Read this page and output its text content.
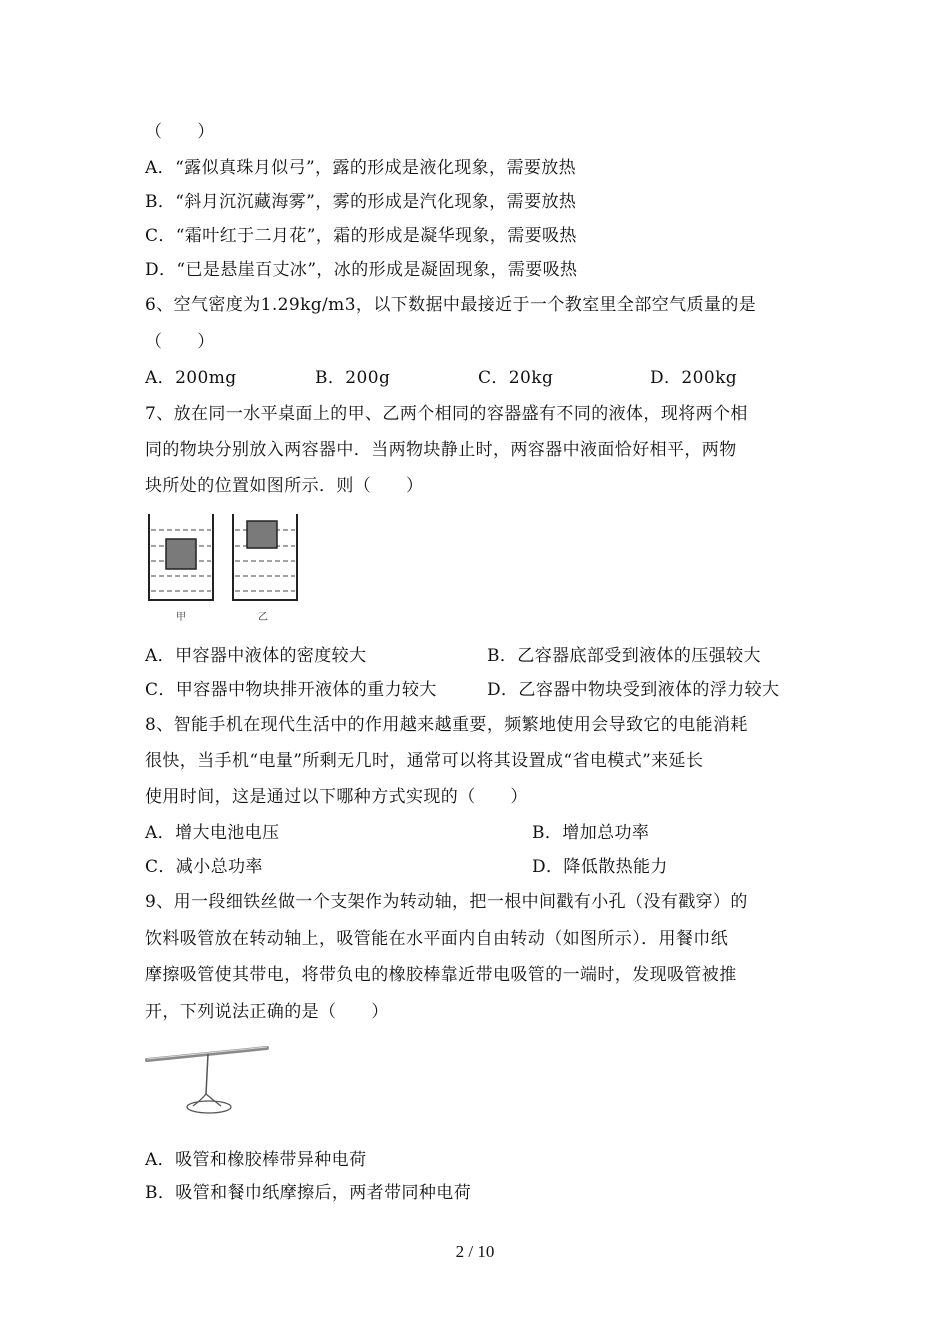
（　　）
A．“露似真珠月似弓”，露的形成是液化现象，需要放热
B．“斜月沉沉藏海雾”，雾的形成是汽化现象，需要放热
C．“霜叶红于二月花”，霜的形成是凝华现象，需要吸热
D．“已是悬崖百丈冰”，冰的形成是凝固现象，需要吸热
6、空气密度为1.29kg/m3，以下数据中最接近于一个教室里全部空气质量的是
（　　）
A．200mg	B．200g	C．20kg	D．200kg
7、放在同一水平桌面上的甲、乙两个相同的容器盛有不同的液体，现将两个相
同的物块分别放入两容器中．当两物块静止时，两容器中液面恰好相平，两物
块所处的位置如图所示．则（　　）
甲	乙
A．甲容器中液体的密度较大	B．乙容器底部受到液体的压强较大
C．甲容器中物块排开液体的重力较大	D．乙容器中物块受到液体的浮力较大
8、智能手机在现代生活中的作用越来越重要，频繁地使用会导致它的电能消耗
很快，当手机“电量”所剩无几时，通常可以将其设置成“省电模式”来延长
使用时间，这是通过以下哪种方式实现的（　　）
A．增大电池电压	B．增加总功率
C．减小总功率	D．降低散热能力
9、用一段细铁丝做一个支架作为转动轴，把一根中间戳有小孔（没有戳穿）的
饮料吸管放在转动轴上，吸管能在水平面内自由转动（如图所示）．用餐巾纸
摩擦吸管使其带电，将带负电的橡胶棒靠近带电吸管的一端时，发现吸管被推
开，下列说法正确的是（　　）
A．吸管和橡胶棒带异种电荷
B．吸管和餐巾纸摩擦后，两者带同种电荷
2 / 10
